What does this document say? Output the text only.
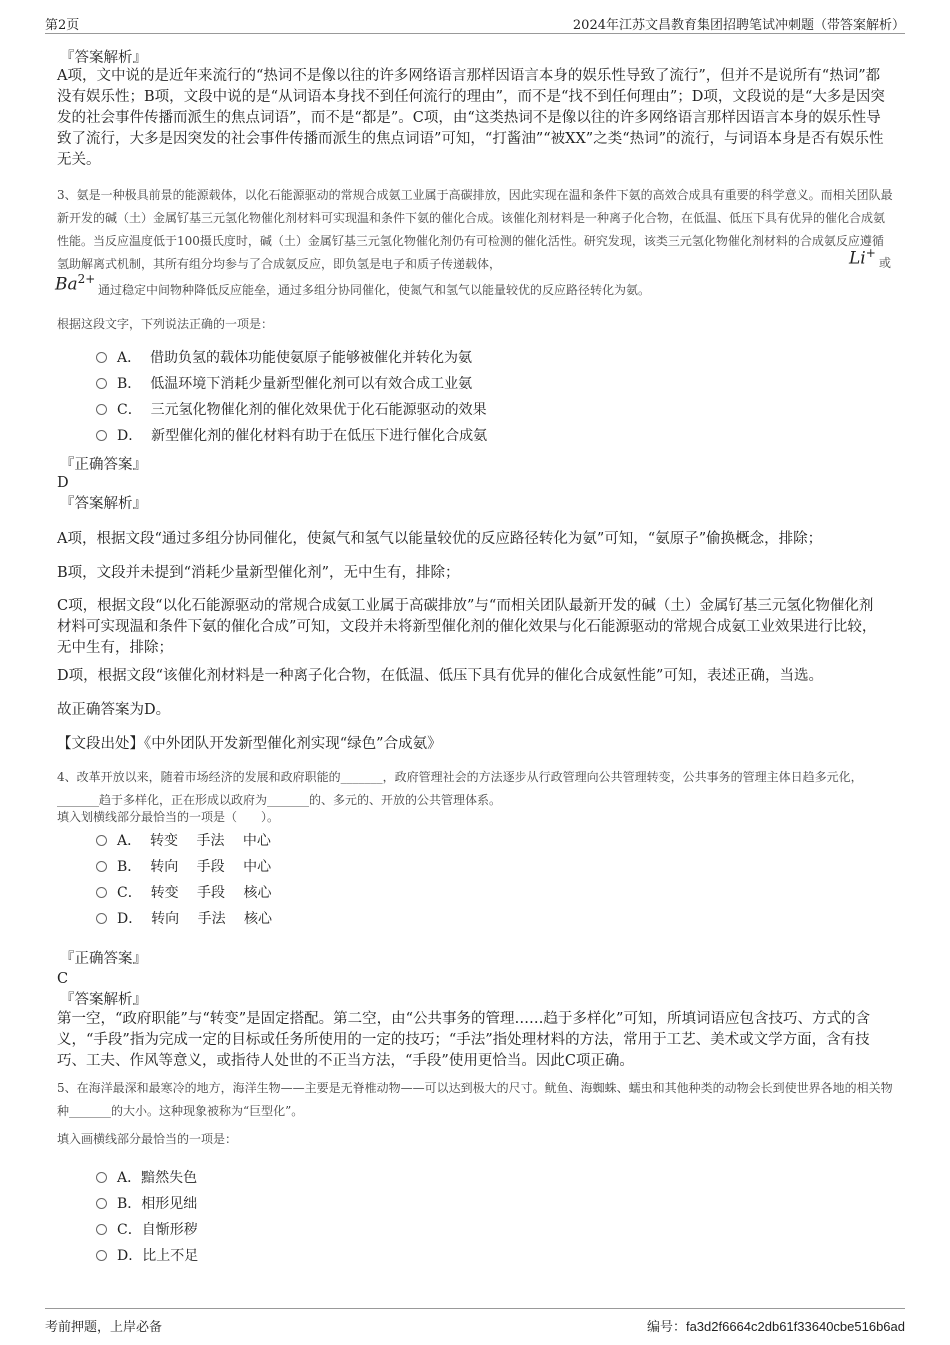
第2页	2024年江苏文昌教育集团招聘笔试冲刺题（带答案解析）
『答案解析』
A项，文中说的是近年来流行的“热词不是像以往的许多网络语言那样因语言本身的娱乐性导致了流行”，但并不是说所有“热词”都没有娱乐性；B项，文段中说的是“从词语本身找不到任何流行的理由”，而不是“找不到任何理由”；D项，文段说的是“大多是因突发的社会事件传播而派生的焦点词语”，而不是“都是”。C项，由“这类热词不是像以往的许多网络语言那样因语言本身的娱乐性导致了流行，大多是因突发的社会事件传播而派生的焦点词语”可知，“打酱油”“被XX”之类“热词”的流行，与词语本身是否有娱乐性无关。
3、氨是一种极具前景的能源载体，以化石能源驱动的常规合成氨工业属于高碳排放，因此实现在温和条件下氨的高效合成具有重要的科学意义。而相关团队最新开发的碱（土）金属钌基三元氢化物催化剂材料可实现温和条件下氨的催化合成。该催化剂材料是一种离子化合物，在低温、低压下具有优异的催化合成氨性能。当反应温度低于100摄氏度时，碱（土）金属钌基三元氢化物催化剂仍有可检测的催化活性。研究发现，该类三元氢化物催化剂材料的合成氨反应遵循氢助解离式机制，其所有组分均参与了合成氨反应，即负氢是电子和质子传递载体，	Li+
或
$Ba^{2+}$
通过稳定中间物种降低反应能垒，通过多组分协同催化，使氮气和氢气以能量较优的反应路径转化为氨。
根据这段文字，下列说法正确的一项是：
A．  借助负氢的载体功能使氨原子能够被催化并转化为氨
B．  低温环境下消耗少量新型催化剂可以有效合成工业氨
C．  三元氢化物催化剂的催化效果优于化石能源驱动的效果
D．  新型催化剂的催化材料有助于在低压下进行催化合成氨
『正确答案』
D
『答案解析』
A项，根据文段“通过多组分协同催化，使氮气和氢气以能量较优的反应路径转化为氨”可知，“氨原子”偷换概念，排除；
B项，文段并未提到“消耗少量新型催化剂”，无中生有，排除；
C项，根据文段“以化石能源驱动的常规合成氨工业属于高碳排放”与“而相关团队最新开发的碱（土）金属钌基三元氢化物催化剂材料可实现温和条件下氨的催化合成”可知，文段并未将新型催化剂的催化效果与化石能源驱动的常规合成氨工业效果进行比较，无中生有，排除；
D项，根据文段“该催化剂材料是一种离子化合物，在低温、低压下具有优异的催化合成氨性能”可知，表述正确，当选。
故正确答案为D。
【文段出处】《中外团队开发新型催化剂实现“绿色”合成氨》
4、改革开放以来，随着市场经济的发展和政府职能的_______，政府管理社会的方法逐步从行政管理向公共管理转变，公共事务的管理主体日趋多元化，_______趋于多样化，正在形成以政府为_______的、多元的、开放的公共管理体系。
填入划横线部分最恰当的一项是（　　）。
A．  转变　 手法　 中心
B．  转向　 手段　 中心
C．  转变　 手段　 核心
D．  转向　 手法　 核心
『正确答案』
C
『答案解析』
第一空，“政府职能”与“转变”是固定搭配。第二空，由“公共事务的管理……趋于多样化”可知，所填词语应包含技巧、方式的含义，“手段”指为完成一定的目标或任务所使用的一定的技巧；“手法”指处理材料的方法，常用于工艺、美术或文学方面，含有技巧、工夫、作风等意义，或指待人处世的不正当方法，“手段”使用更恰当。因此C项正确。
5、在海洋最深和最寒冷的地方，海洋生物——主要是无脊椎动物——可以达到极大的尺寸。鱿鱼、海蜘蛛、蠕虫和其他种类的动物会长到使世界各地的相关物种_______的大小。这种现象被称为“巨型化”。
填入画横线部分最恰当的一项是：
A．黯然失色
B．相形见绌
C．自惭形秽
D．比上不足
考前押题，上岸必备	编号：fa3d2f6664c2db61f33640cbe516b6ad
